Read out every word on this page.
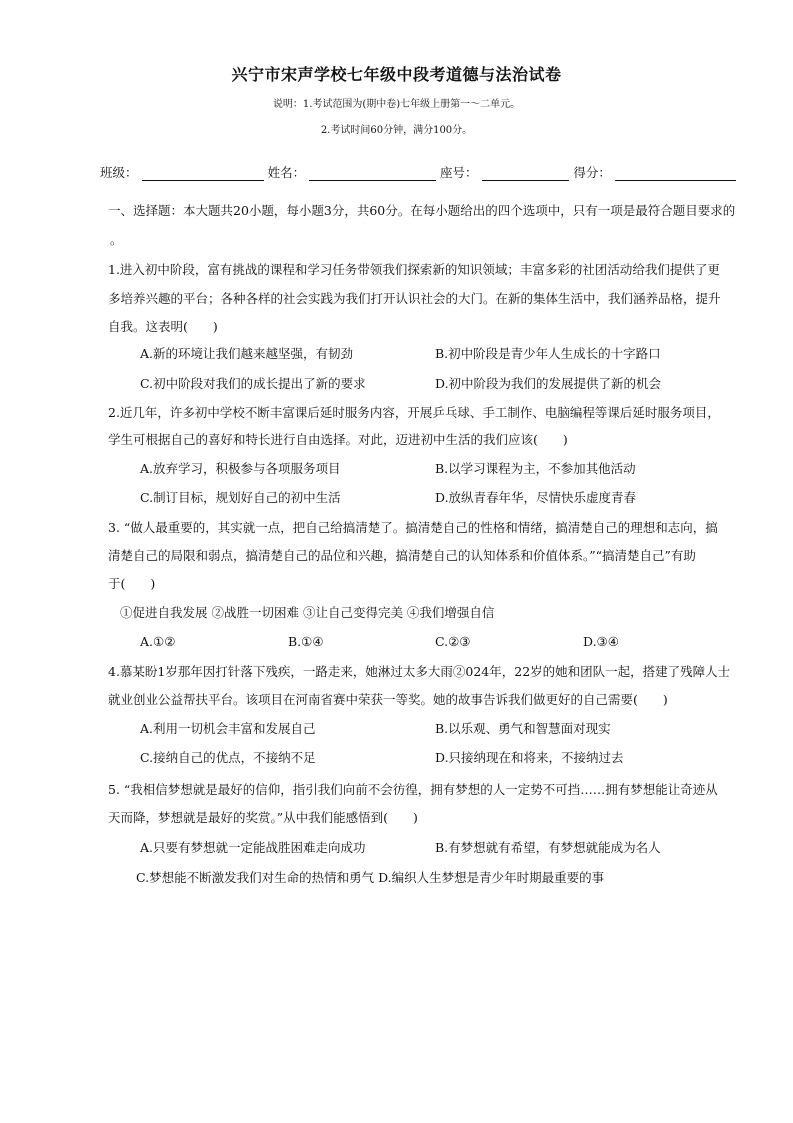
兴宁市宋声学校七年级中段考道德与法治试卷
说明：1.考试范围为(期中卷)七年级上册第一～二单元。
2.考试时间60分钟，满分100分。
班级：	姓名：	座号：	得分：
一、选择题：本大题共20小题，每小题3分，共60分。在每小题给出的四个选项中，只有一项是最符合题目要求的
。
1.进入初中阶段，富有挑战的课程和学习任务带领我们探索新的知识领域；丰富多彩的社团活动给我们提供了更
多培养兴趣的平台；各种各样的社会实践为我们打开认识社会的大门。在新的集体生活中，我们涵养品格，提升
自我。这表明(　　)
A.新的环境让我们越来越坚强，有韧劲	B.初中阶段是青少年人生成长的十字路口
C.初中阶段对我们的成长提出了新的要求	D.初中阶段为我们的发展提供了新的机会
2.近几年，许多初中学校不断丰富课后延时服务内容，开展乒乓球、手工制作、电脑编程等课后延时服务项目，
学生可根据自己的喜好和特长进行自由选择。对此，迈进初中生活的我们应该(　　)
A.放弃学习，积极参与各项服务项目	B.以学习课程为主，不参加其他活动
C.制订目标，规划好自己的初中生活	D.放纵青春年华，尽情快乐虚度青春
3. “做人最重要的，其实就一点，把自己给搞清楚了。搞清楚自己的性格和情绪，搞清楚自己的理想和志向，搞
清楚自己的局限和弱点，搞清楚自己的品位和兴趣，搞清楚自己的认知体系和价值体系。”“搞清楚自己”有助
于(　　)
①促进自我发展 ②战胜一切困难 ③让自己变得完美 ④我们增强自信
A.①②	B.①④	C.②③	D.③④
4.慕某盼1岁那年因打针落下残疾，一路走来，她淋过太多大雨②024年，22岁的她和团队一起，搭建了残障人士
就业创业公益帮扶平台。该项目在河南省赛中荣获一等奖。她的故事告诉我们做更好的自己需要(　　)
A.利用一切机会丰富和发展自己	B.以乐观、勇气和智慧面对现实
C.接纳自己的优点，不接纳不足	D.只接纳现在和将来，不接纳过去
5. “我相信梦想就是最好的信仰，指引我们向前不会彷徨，拥有梦想的人一定势不可挡……拥有梦想能让奇迹从
天而降，梦想就是最好的奖赏。”从中我们能感悟到(　　)
A.只要有梦想就一定能战胜困难走向成功	B.有梦想就有希望，有梦想就能成为名人
C.梦想能不断激发我们对生命的热情和勇气 D.编织人生梦想是青少年时期最重要的事
